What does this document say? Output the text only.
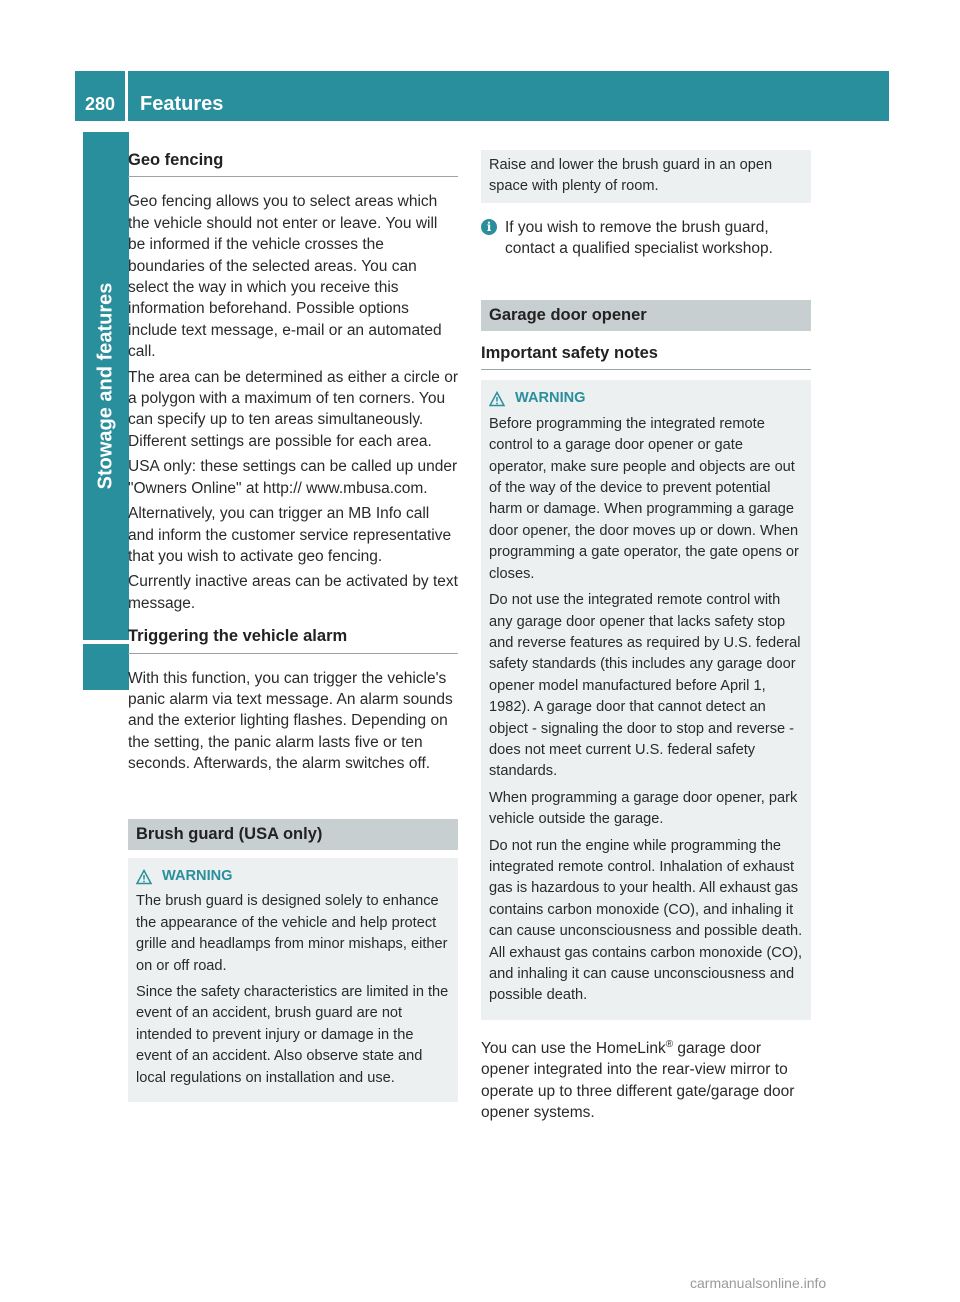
280	Features
Stowage and features
Geo fencing

Geo fencing allows you to select areas which the vehicle should not enter or leave. You will be informed if the vehicle crosses the boundaries of the selected areas. You can select the way in which you receive this information beforehand. Possible options include text message, e-mail or an automated call.

The area can be determined as either a circle or a polygon with a maximum of ten corners. You can specify up to ten areas simultaneously. Different settings are possible for each area.

USA only: these settings can be called up under "Owners Online" at http:// www.mbusa.com.

Alternatively, you can trigger an MB Info call and inform the customer service representative that you wish to activate geo fencing.

Currently inactive areas can be activated by text message.

Triggering the vehicle alarm

With this function, you can trigger the vehicle's panic alarm via text message. An alarm sounds and the exterior lighting flashes. Depending on the setting, the panic alarm lasts five or ten seconds. Afterwards, the alarm switches off.

Brush guard (USA only)
WARNING

The brush guard is designed solely to enhance the appearance of the vehicle and help protect grille and headlamps from minor mishaps, either on or off road.

Since the safety characteristics are limited in the event of an accident, brush guard are not intended to prevent injury or damage in the event of an accident. Also observe state and local regulations on installation and use.

Raise and lower the brush guard in an open space with plenty of room.
i If you wish to remove the brush guard, contact a qualified specialist workshop.
Garage door opener
Important safety notes
WARNING

Before programming the integrated remote control to a garage door opener or gate operator, make sure people and objects are out of the way of the device to prevent potential harm or damage. When programming a garage door opener, the door moves up or down. When programming a gate operator, the gate opens or closes.

Do not use the integrated remote control with any garage door opener that lacks safety stop and reverse features as required by U.S. federal safety standards (this includes any garage door opener model manufactured before April 1, 1982). A garage door that cannot detect an object - signaling the door to stop and reverse - does not meet current U.S. federal safety standards.

When programming a garage door opener, park vehicle outside the garage.

Do not run the engine while programming the integrated remote control. Inhalation of exhaust gas is hazardous to your health. All exhaust gas contains carbon monoxide (CO), and inhaling it can cause unconsciousness and possible death. All exhaust gas contains carbon monoxide (CO), and inhaling it can cause unconsciousness and possible death.

You can use the HomeLink® garage door opener integrated into the rear-view mirror to operate up to three different gate/garage door opener systems.

carmanualsonline.info
